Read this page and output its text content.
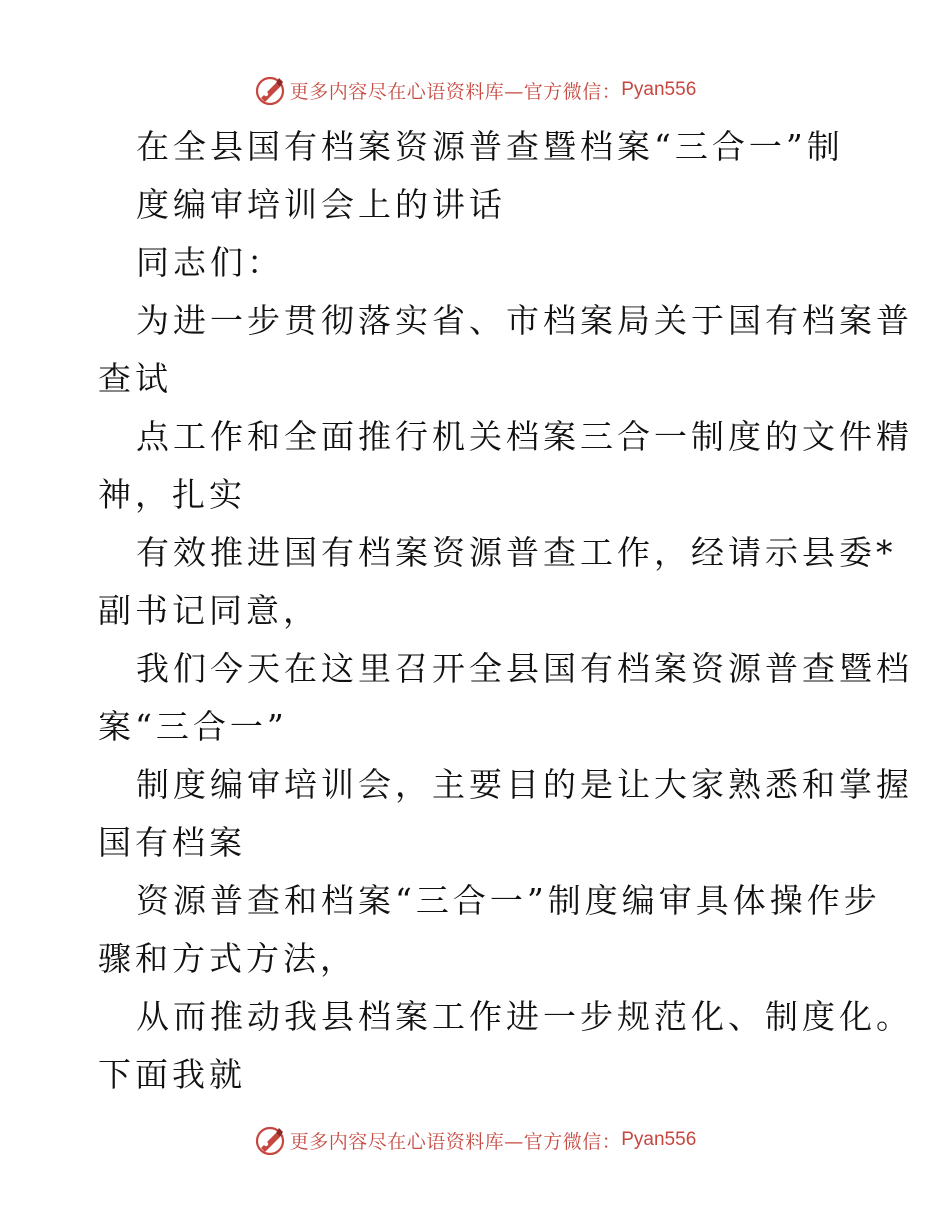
更多内容尽在心语资料库—官方微信： Pyan556
在全县国有档案资源普查暨档案“三合一”制
度编审培训会上的讲话
同志们：
为进一步贯彻落实省、市档案局关于国有档案普
查试
点工作和全面推行机关档案三合一制度的文件精
神，扎实
有效推进国有档案资源普查工作，经请示县委*
副书记同意，
我们今天在这里召开全县国有档案资源普查暨档
案“三合一”
制度编审培训会，主要目的是让大家熟悉和掌握
国有档案
资源普查和档案“三合一”制度编审具体操作步
骤和方式方法，
从而推动我县档案工作进一步规范化、制度化。
下面我就
更多内容尽在心语资料库—官方微信： Pyan556
